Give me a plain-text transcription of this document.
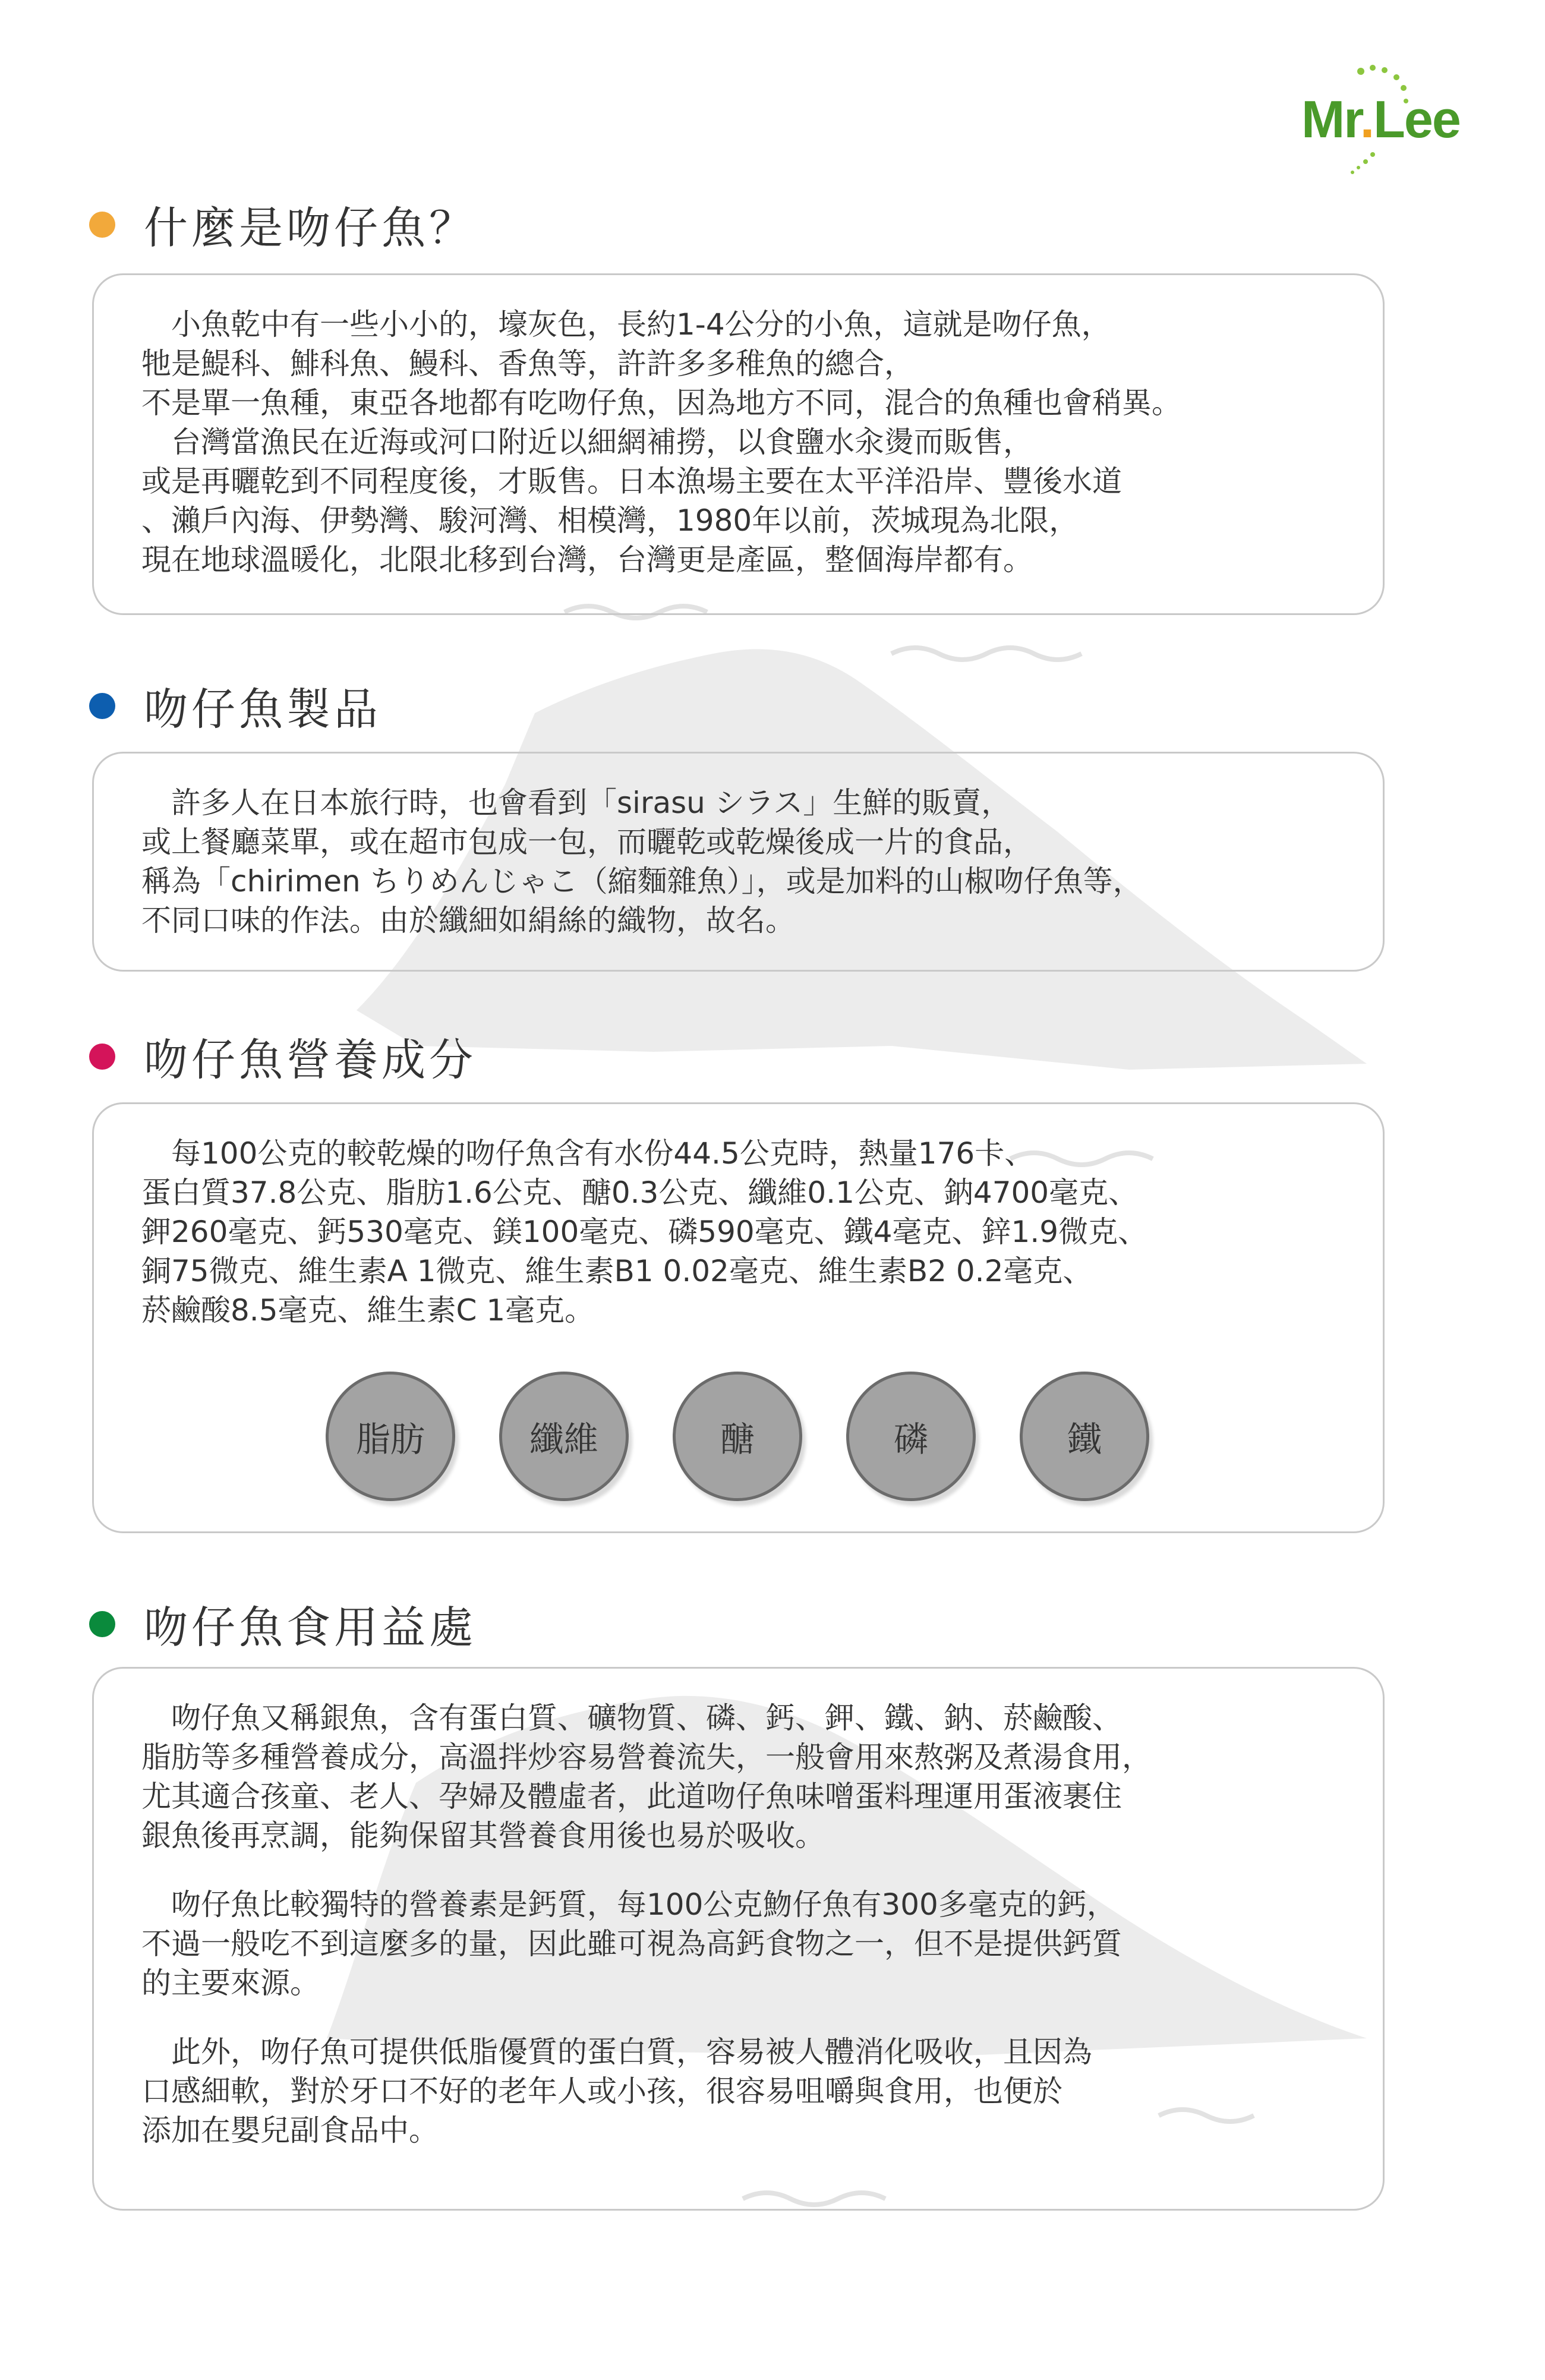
Mr.Lee
什麼是吻仔魚？

　小魚乾中有一些小小的，壕灰色，長約1-4公分的小魚，這就是吻仔魚，
牠是鯷科、鯡科魚、鰻科、香魚等，許許多多稚魚的總合，
不是單一魚種，東亞各地都有吃吻仔魚，因為地方不同，混合的魚種也會稍異。
　台灣當漁民在近海或河口附近以細網補撈，以食鹽水汆燙而販售，
或是再曬乾到不同程度後，才販售。日本漁場主要在太平洋沿岸、豐後水道
、瀨戶內海、伊勢灣、駿河灣、相模灣，1980年以前，茨城現為北限，
現在地球溫暖化，北限北移到台灣，台灣更是產區，整個海岸都有。

吻仔魚製品

　許多人在日本旅行時，也會看到「sirasu シラス」生鮮的販賣，
或上餐廳菜單，或在超市包成一包，而曬乾或乾燥後成一片的食品，
稱為「chirimen ちりめんじゃこ（縮麵雜魚）」，或是加料的山椒吻仔魚等，
不同口味的作法。由於纖細如絹絲的織物，故名。

吻仔魚營養成分

　每100公克的較乾燥的吻仔魚含有水份44.5公克時，熱量176卡、
蛋白質37.8公克、脂肪1.6公克、醣0.3公克、纖維0.1公克、鈉4700毫克、
鉀260毫克、鈣530毫克、鎂100毫克、磷590毫克、鐵4毫克、鋅1.9微克、
銅75微克、維生素A 1微克、維生素B1 0.02毫克、維生素B2 0.2毫克、
菸鹼酸8.5毫克、維生素C 1毫克。

脂肪	纖維	醣	磷	鐵
吻仔魚食用益處

　吻仔魚又稱銀魚，含有蛋白質、礦物質、磷、鈣、鉀、鐵、鈉、菸鹼酸、
脂肪等多種營養成分，高溫拌炒容易營養流失，一般會用來熬粥及煮湯食用，
尤其適合孩童、老人、孕婦及體虛者，此道吻仔魚味噌蛋料理運用蛋液裹住
銀魚後再烹調，能夠保留其營養食用後也易於吸收。

　吻仔魚比較獨特的營養素是鈣質，每100公克魩仔魚有300多毫克的鈣，
不過一般吃不到這麼多的量，因此雖可視為高鈣食物之一，但不是提供鈣質
的主要來源。

　此外，吻仔魚可提供低脂優質的蛋白質，容易被人體消化吸收，且因為
口感細軟，對於牙口不好的老年人或小孩，很容易咀嚼與食用，也便於
添加在嬰兒副食品中。
